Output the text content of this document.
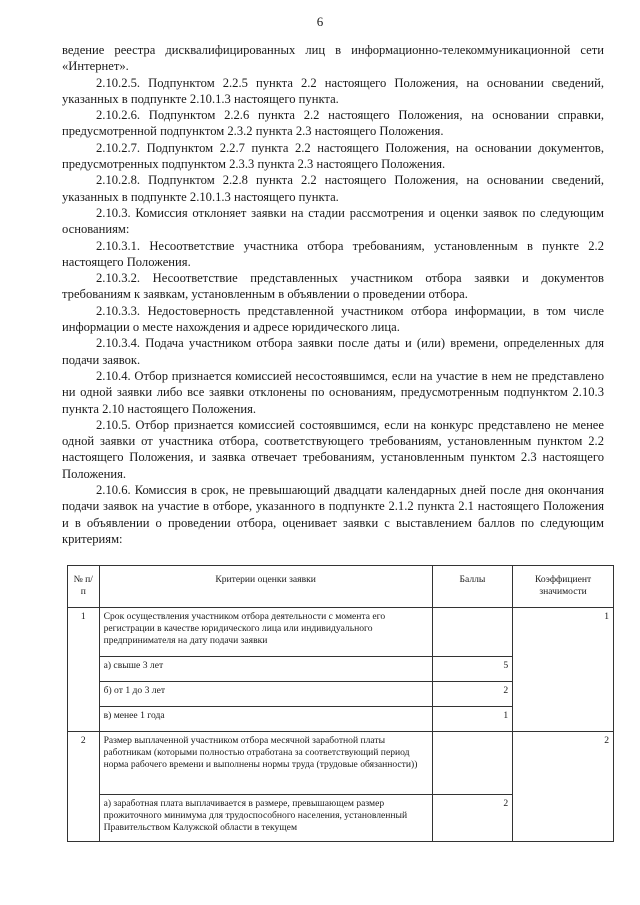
6

ведение реестра дисквалифицированных лиц в информационно-телекоммуникационной сети «Интернет».

2.10.2.5. Подпунктом 2.2.5 пункта 2.2 настоящего Положения, на основании сведений, указанных в подпункте 2.10.1.3 настоящего пункта.

2.10.2.6. Подпунктом 2.2.6 пункта 2.2 настоящего Положения, на основании справки, предусмотренной подпунктом 2.3.2 пункта 2.3 настоящего Положения.

2.10.2.7. Подпунктом 2.2.7 пункта 2.2 настоящего Положения, на основании документов, предусмотренных подпунктом 2.3.3 пункта 2.3 настоящего Положения.

2.10.2.8. Подпунктом 2.2.8 пункта 2.2 настоящего Положения, на основании сведений, указанных в подпункте 2.10.1.3 настоящего пункта.

2.10.3. Комиссия отклоняет заявки на стадии рассмотрения и оценки заявок по следующим основаниям:

2.10.3.1. Несоответствие участника отбора требованиям, установленным в пункте 2.2 настоящего Положения.

2.10.3.2. Несоответствие представленных участником отбора заявки и документов требованиям к заявкам, установленным в объявлении о проведении отбора.

2.10.3.3. Недостоверность представленной участником отбора информации, в том числе информации о месте нахождения и адресе юридического лица.

2.10.3.4. Подача участником отбора заявки после даты и (или) времени, определенных для подачи заявок.

2.10.4. Отбор признается комиссией несостоявшимся, если на участие в нем не представлено ни одной заявки либо все заявки отклонены по основаниям, предусмотренным подпунктом 2.10.3 пункта 2.10 настоящего Положения.

2.10.5. Отбор признается комиссией состоявшимся, если на конкурс представлено не менее одной заявки от участника отбора, соответствующего требованиям, установленным пунктом 2.2 настоящего Положения, и заявка отвечает требованиям, установленным пунктом 2.3 настоящего Положения.

2.10.6. Комиссия в срок, не превышающий двадцати календарных дней после дня окончания подачи заявок на участие в отборе, указанного в подпункте 2.1.2 пункта 2.1 настоящего Положения и в объявлении о проведении отбора, оценивает заявки с выставлением баллов по следующим критериям:

№ п/п	Критерии оценки заявки	Баллы	Коэффициент значимости
1	Срок осуществления участником отбора деятельности с момента его регистрации в качестве юридического лица или индивидуального предпринимателя на дату подачи заявки		1
	а) свыше 3 лет	5	
	б) от 1 до 3 лет	2	
	в) менее 1 года	1	
2	Размер выплаченной участником отбора месячной заработной платы работникам (которыми полностью отработана за соответствующий период норма рабочего времени и выполнены нормы труда (трудовые обязанности))		2
	а) заработная плата выплачивается в размере, превышающем размер прожиточного минимума для трудоспособного населения, установленный Правительством Калужской области в текущем	2	
